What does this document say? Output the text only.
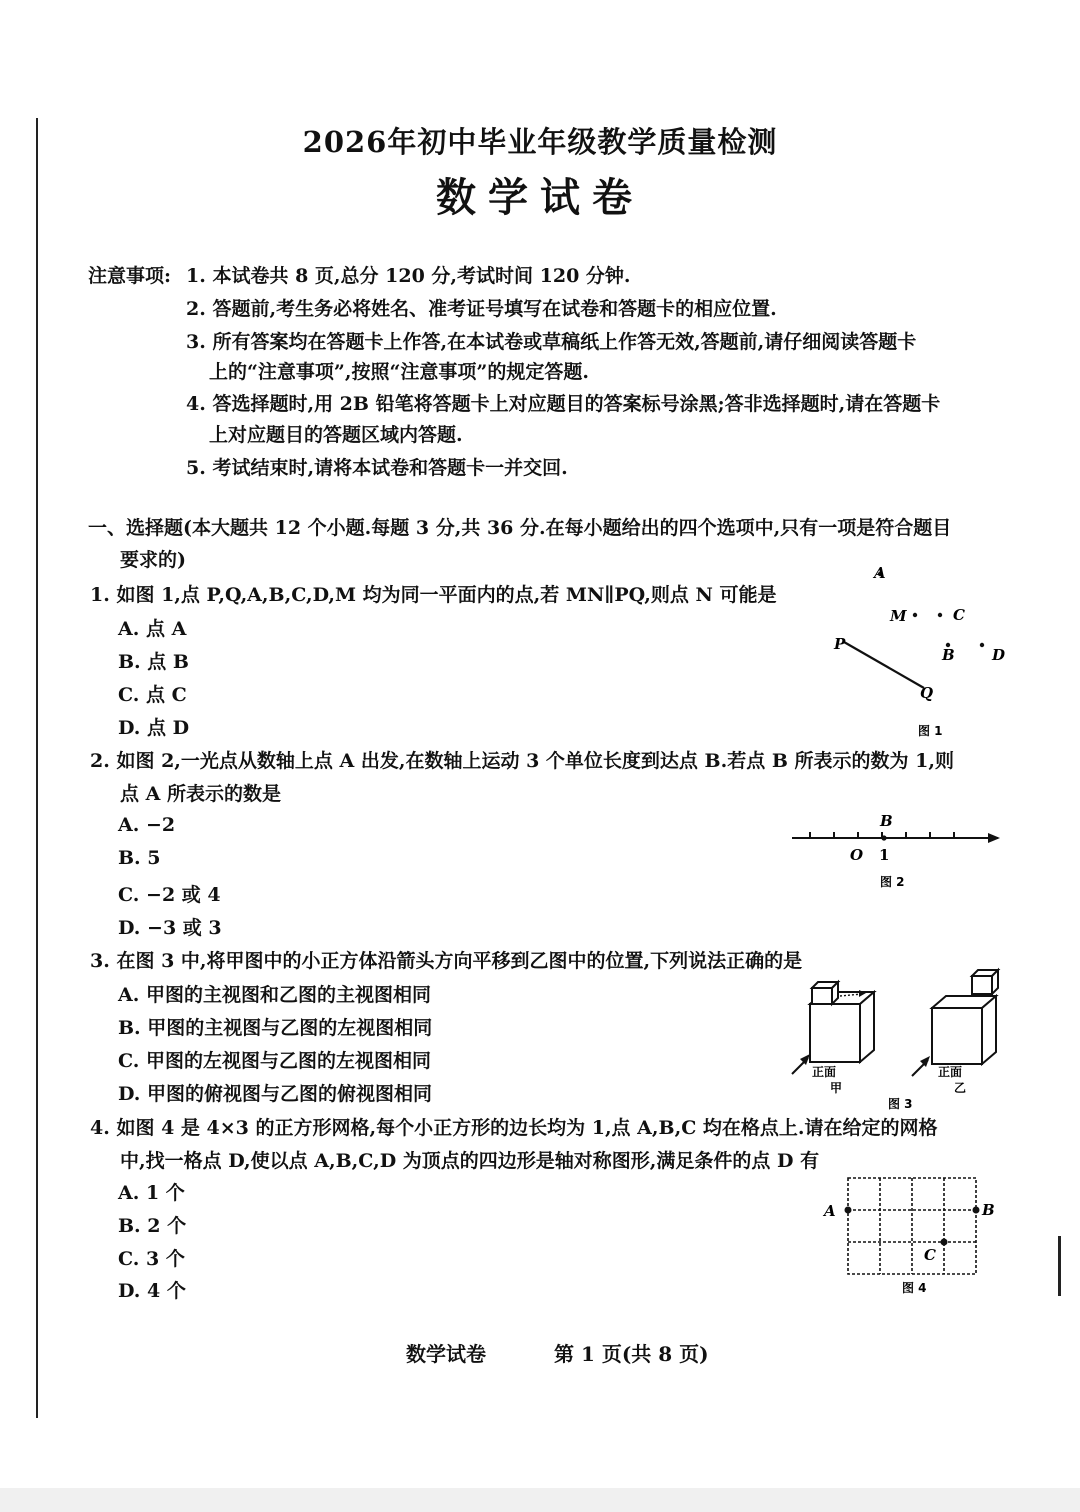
2026年初中毕业年级教学质量检测
数学试卷
注意事项: 1. 本试卷共 8 页,总分 120 分,考试时间 120 分钟.
2. 答题前,考生务必将姓名、准考证号填写在试卷和答题卡的相应位置.
3. 所有答案均在答题卡上作答,在本试卷或草稿纸上作答无效,答题前,请仔细阅读答题卡
上的“注意事项”,按照“注意事项”的规定答题.
4. 答选择题时,用 2B 铅笔将答题卡上对应题目的答案标号涂黑;答非选择题时,请在答题卡
上对应题目的答题区域内答题.
5. 考试结束时,请将本试卷和答题卡一并交回.
一、选择题(本大题共 12 个小题.每题 3 分,共 36 分.在每小题给出的四个选项中,只有一项是符合题目
要求的)
1. 如图 1,点 P,Q,A,B,C,D,M 均为同一平面内的点,若 MN∥PQ,则点 N 可能是
A. 点 A
B. 点 B
C. 点 C
D. 点 D
A
M	C
P
B D
Q
图 1
2. 如图 2,一光点从数轴上点 A 出发,在数轴上运动 3 个单位长度到达点 B.若点 B 所表示的数为 1,则
点 A 所表示的数是
A. −2
B. 5
C. −2 或 4
D. −3 或 3
B
O 1
图 2
3. 在图 3 中,将甲图中的小正方体沿箭头方向平移到乙图中的位置,下列说法正确的是
A. 甲图的主视图和乙图的主视图相同
B. 甲图的主视图与乙图的左视图相同
C. 甲图的左视图与乙图的左视图相同
D. 甲图的俯视图与乙图的俯视图相同
正面
甲
正面
乙
图 3
4. 如图 4 是 4×3 的正方形网格,每个小正方形的边长均为 1,点 A,B,C 均在格点上.请在给定的网格
中,找一格点 D,使以点 A,B,C,D 为顶点的四边形是轴对称图形,满足条件的点 D 有
A. 1 个
B. 2 个
C. 3 个
D. 4 个
A	B
C
图 4
数学试卷	第 1 页(共 8 页)
